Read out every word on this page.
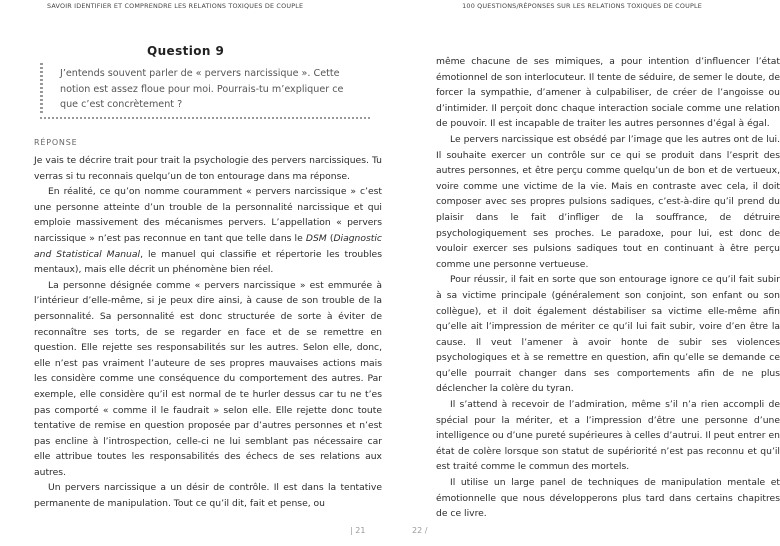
SAVOIR IDENTIFIER ET COMPRENDRE LES RELATIONS TOXIQUES DE COUPLE	100 QUESTIONS/RÉPONSES SUR LES RELATIONS TOXIQUES DE COUPLE
Question 9
J’entends souvent parler de « pervers narcissique ». Cette notion est assez floue pour moi. Pourrais-tu m’expliquer ce que c’est concrètement ?
RÉPONSE

Je vais te décrire trait pour trait la psychologie des pervers narcissiques. Tu verras si tu reconnais quelqu’un de ton entourage dans ma réponse.

En réalité, ce qu’on nomme couramment « pervers narcissique » c’est une personne atteinte d’un trouble de la personnalité narcissique et qui emploie massivement des mécanismes pervers. L’appellation « pervers narcissique » n’est pas reconnue en tant que telle dans le DSM (Diagnostic and Statistical Manual, le manuel qui classifie et répertorie les troubles mentaux), mais elle décrit un phénomène bien réel.

La personne désignée comme « pervers narcissique » est emmurée à l’intérieur d’elle-même, si je peux dire ainsi, à cause de son trouble de la personnalité. Sa personnalité est donc structurée de sorte à éviter de reconnaître ses torts, de se regarder en face et de se remettre en question. Elle rejette ses responsabilités sur les autres. Selon elle, donc, elle n’est pas vraiment l’auteure de ses propres mauvaises actions mais les considère comme une conséquence du comportement des autres. Par exemple, elle considère qu’il est normal de te hurler dessus car tu ne t’es pas comporté « comme il le faudrait » selon elle. Elle rejette donc toute tentative de remise en question proposée par d’autres personnes et n’est pas encline à l’introspection, celle-ci ne lui semblant pas nécessaire car elle attribue toutes les responsabilités des échecs de ses relations aux autres.

Un pervers narcissique a un désir de contrôle. Il est dans la tentative permanente de manipulation. Tout ce qu’il dit, fait et pense, ou

même chacune de ses mimiques, a pour intention d’influencer l’état émotionnel de son interlocuteur. Il tente de séduire, de semer le doute, de forcer la sympathie, d’amener à culpabiliser, de créer de l’angoisse ou d’intimider. Il perçoit donc chaque interaction sociale comme une relation de pouvoir. Il est incapable de traiter les autres personnes d’égal à égal.

Le pervers narcissique est obsédé par l’image que les autres ont de lui. Il souhaite exercer un contrôle sur ce qui se produit dans l’esprit des autres personnes, et être perçu comme quelqu’un de bon et de vertueux, voire comme une victime de la vie. Mais en contraste avec cela, il doit composer avec ses propres pulsions sadiques, c’est-à-dire qu’il prend du plaisir dans le fait d’infliger de la souffrance, de détruire psychologiquement ses proches. Le paradoxe, pour lui, est donc de vouloir exercer ses pulsions sadiques tout en continuant à être perçu comme une personne vertueuse.

Pour réussir, il fait en sorte que son entourage ignore ce qu’il fait subir à sa victime principale (généralement son conjoint, son enfant ou son collègue), et il doit également déstabiliser sa victime elle-même afin qu’elle ait l’impression de mériter ce qu’il lui fait subir, voire d’en être la cause. Il veut l’amener à avoir honte de subir ses violences psychologiques et à se remettre en question, afin qu’elle se demande ce qu’elle pourrait changer dans ses comportements afin de ne plus déclencher la colère du tyran.

Il s’attend à recevoir de l’admiration, même s’il n’a rien accompli de spécial pour la mériter, et a l’impression d’être une personne d’une intelligence ou d’une pureté supérieures à celles d’autrui. Il peut entrer en état de colère lorsque son statut de supériorité n’est pas reconnu et qu’il est traité comme le commun des mortels.

Il utilise un large panel de techniques de manipulation mentale et émotionnelle que nous développerons plus tard dans certains chapitres de ce livre.

| 21	22 /
